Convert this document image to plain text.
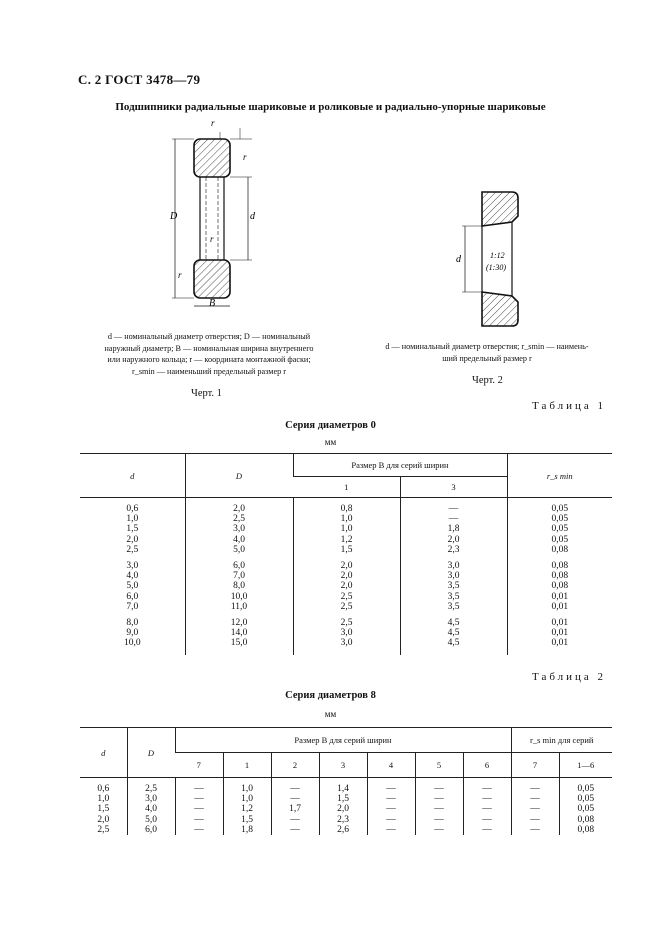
С. 2 ГОСТ 3478—79
Подшипники радиальные шариковые и роликовые и радиально-упорные шариковые
D	d
B
r
r
r
r
d — номинальный диаметр отверстия; D — номинальный
наружный диаметр; B — номинальная ширина внутреннего
или наружного кольца; r — координата монтажной фаски;
r_smin — наименьший предельный размер r
Черт. 1
d	1:12
(1:30)
d — номинальный диаметр отверстия; r_smin — наимень-
ший предельный размер r
Черт. 2
Таблица 1
Серия диаметров 0
мм
d	D	Размер B для серий ширин		r_s min
		1	3	

0,6	2,0	0,8	—	0,05
1,0	2,5	1,0	—	0,05
1,5	3,0	1,0	1,8	0,05
2,0	4,0	1,2	2,0	0,05
2,5	5,0	1,5	2,3	0,08

3,0	6,0	2,0	3,0	0,08
4,0	7,0	2,0	3,0	0,08
5,0	8,0	2,0	3,5	0,08
6,0	10,0	2,5	3,5	0,01
7,0	11,0	2,5	3,5	0,01

8,0	12,0	2,5	4,5	0,01
9,0	14,0	3,0	4,5	0,01
10,0	15,0	3,0	4,5	0,01

Таблица 2
Серия диаметров 8
мм
d	D	Размер B для серий ширин							r_s min для серий	
		7	1	2	3	4	5	6	7	1—6

0,6	2,5	—	1,0	—	1,4	—	—	—	—	0,05
1,0	3,0	—	1,0	—	1,5	—	—	—	—	0,05
1,5	4,0	—	1,2	1,7	2,0	—	—	—	—	0,05
2,0	5,0	—	1,5	—	2,3	—	—	—	—	0,08
2,5	6,0	—	1,8	—	2,6	—	—	—	—	0,08
